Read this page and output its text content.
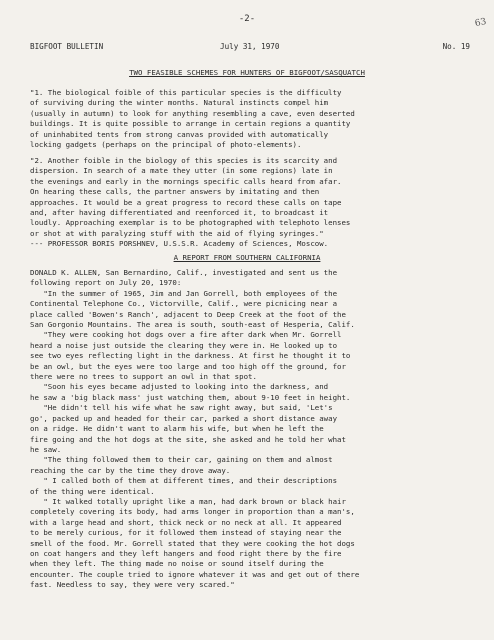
-2-	63
BIGFOOT BULLETIN	July 31, 1970	No. 19
TWO FEASIBLE SCHEMES FOR HUNTERS OF BIGFOOT/SASQUATCH
"1. The biological foible of this particular species is the difficulty
of surviving during the winter months. Natural instincts compel him
(usually in autumn) to look for anything resembling a cave, even deserted
buildings. It is quite possible to arrange in certain regions a quantity
of uninhabited tents from strong canvas provided with automatically
locking gadgets (perhaps on the principal of photo-elements).
"2. Another foible in the biology of this species is its scarcity and
dispersion. In search of a mate they utter (in some regions) late in
the evenings and early in the mornings specific calls heard from afar.
On hearing these calls, the partner answers by imitating and then
approaches. It would be a great progress to record these calls on tape
and, after having differentiated and reenforced it, to broadcast it
loudly. Approaching exemplar is to be photographed with telephoto lenses
or shot at with paralyzing stuff with the aid of flying syringes."
--- PROFESSOR BORIS PORSHNEV, U.S.S.R. Academy of Sciences, Moscow.
A REPORT FROM SOUTHERN CALIFORNIA
DONALD K. ALLEN, San Bernardino, Calif., investigated and sent us the
following report on July 20, 1970:
"In the summer of 1965, Jim and Jan Gorrell, both employees of the
Continental Telephone Co., Victorville, Calif., were picnicing near a
place called 'Bowen's Ranch', adjacent to Deep Creek at the foot of the
San Gorgonio Mountains. The area is south, south-east of Hesperia, Calif.
"They were cooking hot dogs over a fire after dark when Mr. Gorrell
heard a noise just outside the clearing they were in. He looked up to
see two eyes reflecting light in the darkness. At first he thought it to
be an owl, but the eyes were too large and too high off the ground, for
there were no trees to support an owl in that spot.
"Soon his eyes became adjusted to looking into the darkness, and
he saw a 'big black mass' just watching them, about 9-10 feet in height.
"He didn't tell his wife what he saw right away, but said, 'Let's
go', packed up and headed for their car, parked a short distance away
on a ridge. He didn't want to alarm his wife, but when he left the
fire going and the hot dogs at the site, she asked and he told her what
he saw.
"The thing followed them to their car, gaining on them and almost
reaching the car by the time they drove away.
" I called both of them at different times, and their descriptions
of the thing were identical.
" It walked totally upright like a man, had dark brown or black hair
completely covering its body, had arms longer in proportion than a man's,
with a large head and short, thick neck or no neck at all. It appeared
to be merely curious, for it followed them instead of staying near the
smell of the food. Mr. Gorrell stated that they were cooking the hot dogs
on coat hangers and they left hangers and food right there by the fire
when they left. The thing made no noise or sound itself during the
encounter. The couple tried to ignore whatever it was and get out of there
fast. Needless to say, they were very scared."
